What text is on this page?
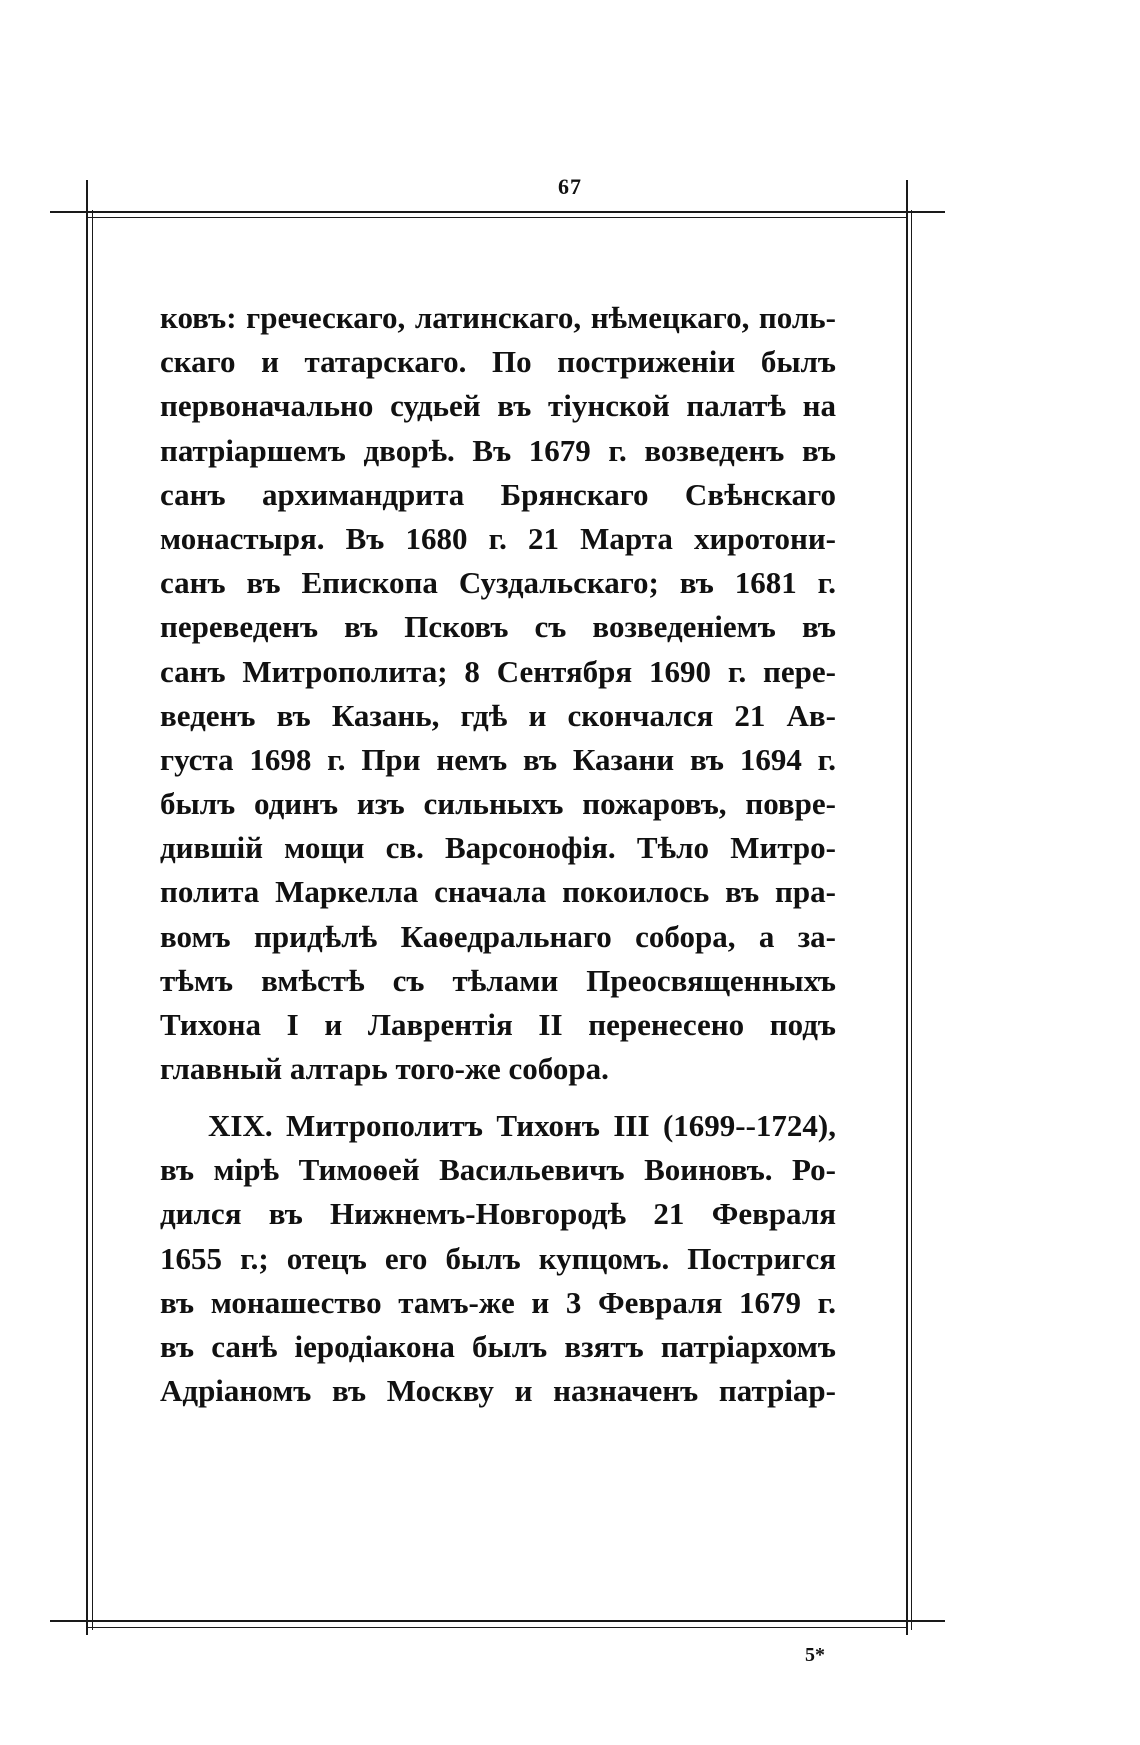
67
ковъ: греческаго, латинскаго, нѣмецкаго, поль-
скаго и татарскаго. По постриженіи былъ
первоначально судьей въ тіунской палатѣ на
патріаршемъ дворѣ. Въ 1679 г. возведенъ въ
санъ архимандрита Брянскаго Свѣнскаго
монастыря. Въ 1680 г. 21 Марта хиротони-
санъ въ Епископа Суздальскаго; въ 1681 г.
переведенъ въ Псковъ съ возведеніемъ въ
санъ Митрополита; 8 Сентября 1690 г. пере-
веденъ въ Казань, гдѣ и скончался 21 Ав-
густа 1698 г. При немъ въ Казани въ 1694 г.
былъ одинъ изъ сильныхъ пожаровъ, повре-
дившій мощи св. Варсонофія. Тѣло Митро-
полита Маркелла сначала покоилось въ пра-
вомъ придѣлѣ Каѳедральнаго собора, а за-
тѣмъ вмѣстѣ съ тѣлами Преосвященныхъ
Тихона I и Лаврентія II перенесено подъ
главный алтарь того-же собора.
XIX. Митрополитъ Тихонъ III (1699--1724),
въ мірѣ Тимоѳей Васильевичъ Воиновъ. Ро-
дился въ Нижнемъ-Новгородѣ 21 Февраля
1655 г.; отецъ его былъ купцомъ. Постригся
въ монашество тамъ-же и 3 Февраля 1679 г.
въ санѣ іеродіакона былъ взятъ патріархомъ
Адріаномъ въ Москву и назначенъ патріар-
5*
